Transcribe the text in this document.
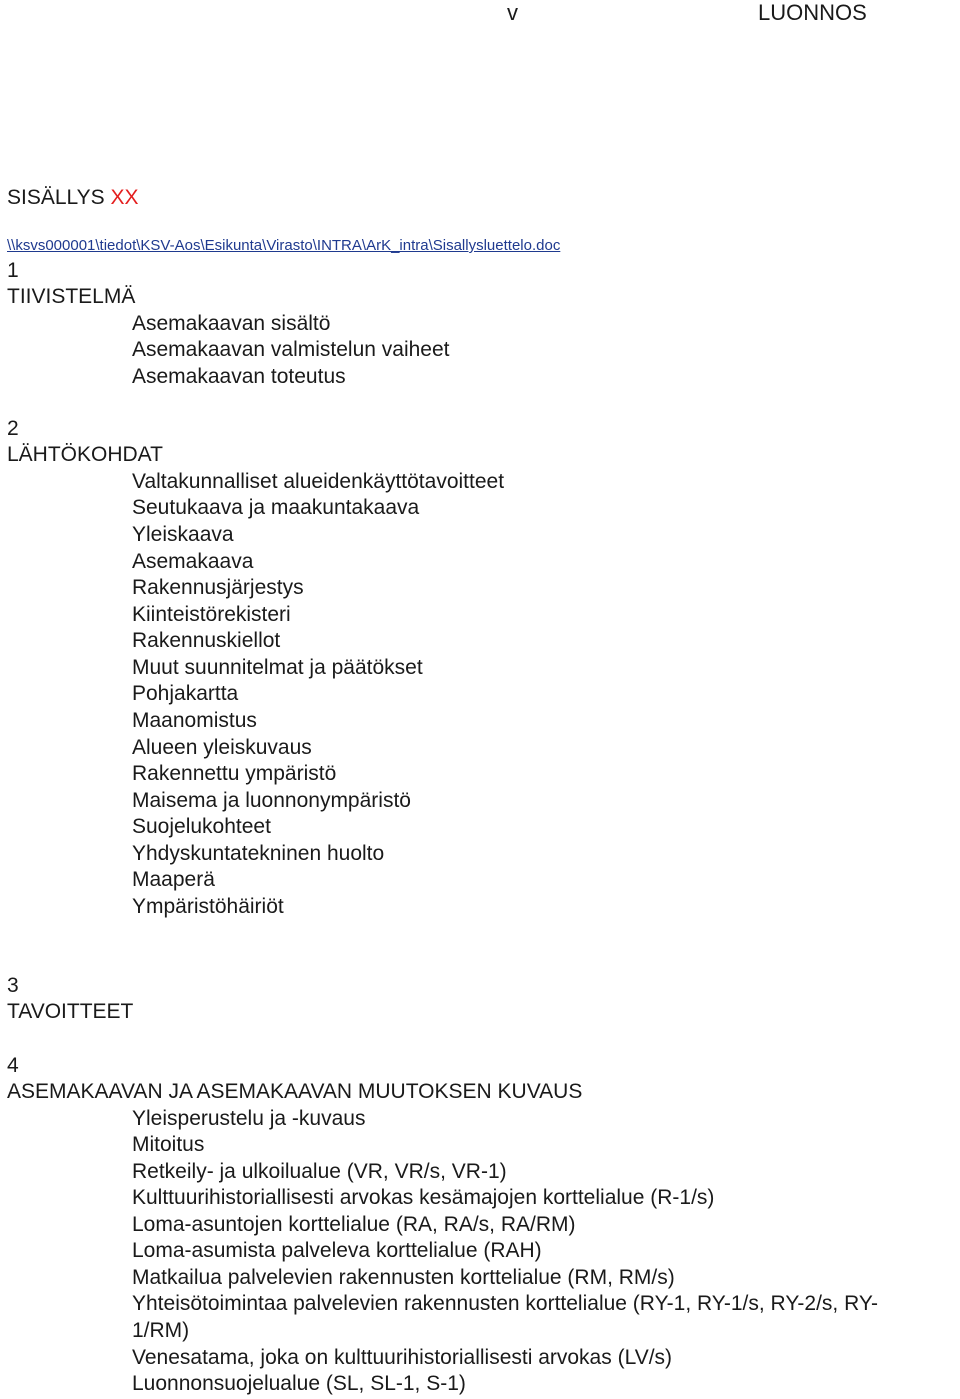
v	LUONNOS
SISÄLLYS XX
\\ksvs000001\tiedot\KSV-Aos\Esikunta\Virasto\INTRA\ArK_intra\Sisallysluettelo.doc
1
TIIVISTELMÄ
Asemakaavan sisältö
Asemakaavan valmistelun vaiheet
Asemakaavan toteutus
2
LÄHTÖKOHDAT
Valtakunnalliset alueidenkäyttötavoitteet
Seutukaava ja maakuntakaava
Yleiskaava
Asemakaava
Rakennusjärjestys
Kiinteistörekisteri
Rakennuskiellot
Muut suunnitelmat ja päätökset
Pohjakartta
Maanomistus
Alueen yleiskuvaus
Rakennettu ympäristö
Maisema ja luonnonympäristö
Suojelukohteet
Yhdyskuntatekninen huolto
Maaperä
Ympäristöhäiriöt
3
TAVOITTEET
4
ASEMAKAAVAN JA ASEMAKAAVAN MUUTOKSEN KUVAUS
Yleisperustelu ja -kuvaus
Mitoitus
Retkeily- ja ulkoilualue (VR, VR/s, VR-1)
Kulttuurihistoriallisesti arvokas kesämajojen korttelialue (R-1/s)
Loma-asuntojen korttelialue (RA, RA/s, RA/RM)
Loma-asumista palveleva korttelialue (RAH)
Matkailua palvelevien rakennusten korttelialue (RM, RM/s)
Yhteisötoimintaa palvelevien rakennusten korttelialue (RY-1, RY-1/s, RY-2/s, RY-
1/RM)
Venesatama, joka on kulttuurihistoriallisesti arvokas (LV/s)
Luonnonsuojelualue (SL, SL-1, S-1)
